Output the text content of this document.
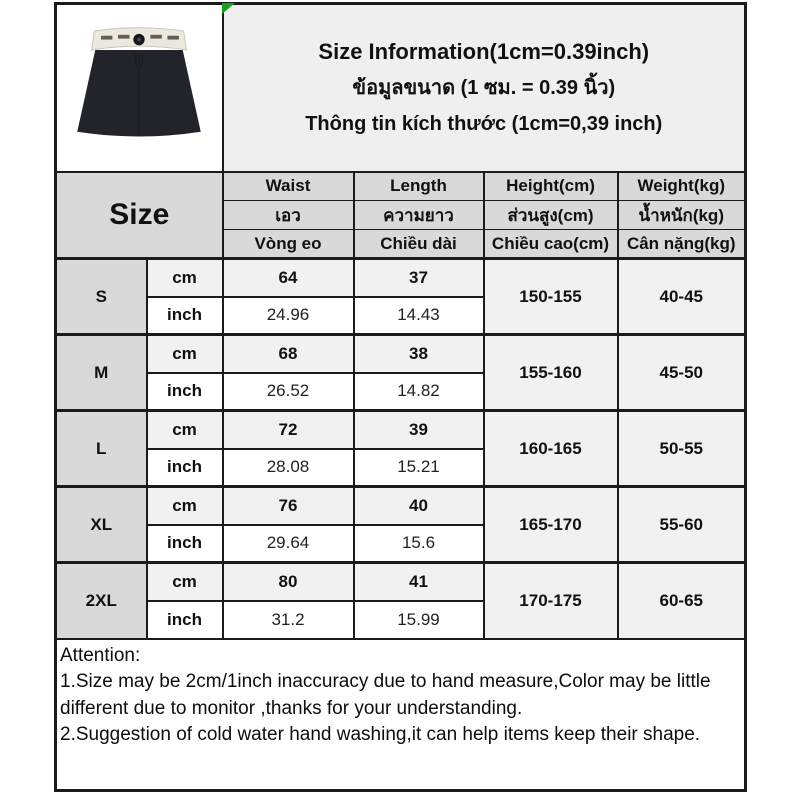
Size Information(1cm=0.39inch)
ข้อมูลขนาด (1 ซม. = 0.39 นิ้ว)
Thông tin kích thước (1cm=0,39 inch)			

Size		Waist	Length	Height(cm)	Weight(kg)
		เอว	ความยาว	ส่วนสูง(cm)	น้ำหนัก(kg)
		Vòng eo	Chiều dài	Chiều cao(cm)	Cân nặng(kg)
S	cm	64	37	150-155	40-45
	inch	24.96	14.43		
M	cm	68	38	155-160	45-50
	inch	26.52	14.82		
L	cm	72	39	160-165	50-55
	inch	28.08	15.21		
XL	cm	76	40	165-170	55-60
	inch	29.64	15.6		
2XL	cm	80	41	170-175	60-65
	inch	31.2	15.99		

Attention:
1.Size may be 2cm/1inch inaccuracy due to hand measure,Color may be little different due to monitor ,thanks for your understanding.
2.Suggestion of cold water hand washing,it can help items keep their shape.					
